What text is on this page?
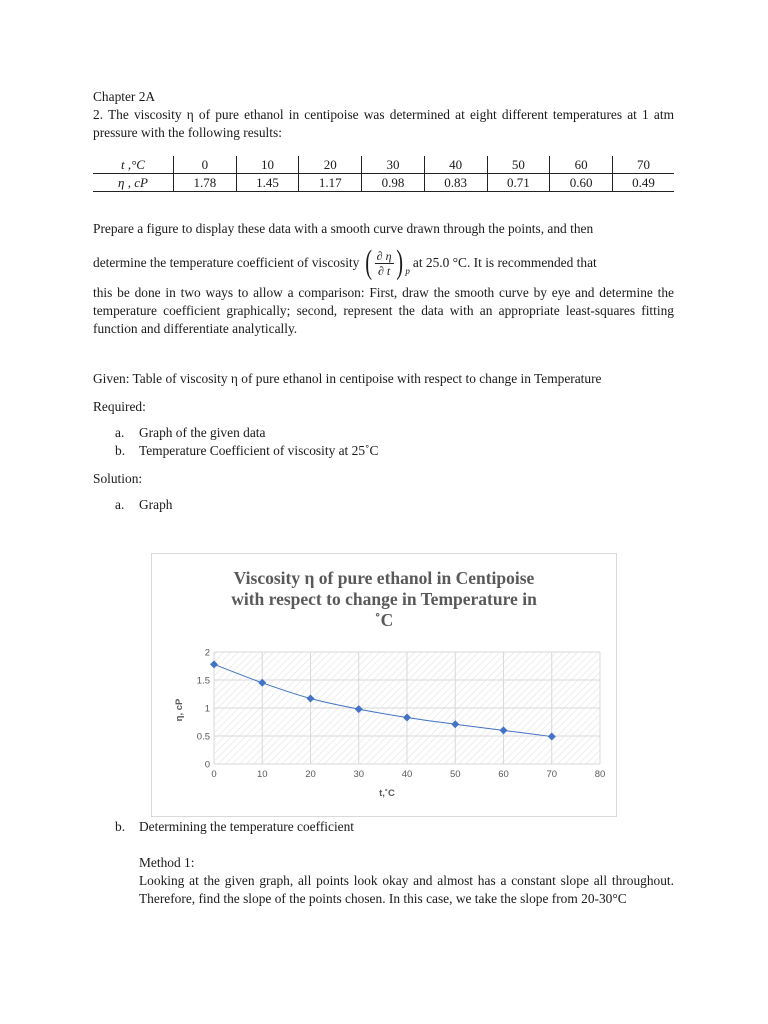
Chapter 2A

2. The viscosity η of pure ethanol in centipoise was determined at eight different temperatures at 1 atm pressure with the following results:

t ,°C	0	10	20	30	40	50	60	70
η , cP	1.78	1.45	1.17	0.98	0.83	0.71	0.60	0.49

Prepare a figure to display these data with a smooth curve drawn through the points, and then

determine the temperature coefficient of viscosity ( $\frac{\partial \eta}{\partial t}$ ) p
at 25.0 °C. It is recommended that

this be done in two ways to allow a comparison: First, draw the smooth curve by eye and determine the temperature coefficient graphically; second, represent the data with an appropriate least-squares fitting function and differentiate analytically.

Given: Table of viscosity η of pure ethanol in centipoise with respect to change in Temperature

Required:

a. Graph of the given data
b. Temperature Coefficient of viscosity at 25˚C

Solution:

a. Graph
Viscosity η of pure ethanol in Centipoise
with respect to change in Temperature in
˚C
0	10	20	30	40	50	60	70	80
0
0.5
1
1.5
2
t,˚C
η, cP
b. Determining the temperature coefficient

Method 1:

Looking at the given graph, all points look okay and almost has a constant slope all throughout. Therefore, find the slope of the points chosen. In this case, we take the slope from 20-30°C
